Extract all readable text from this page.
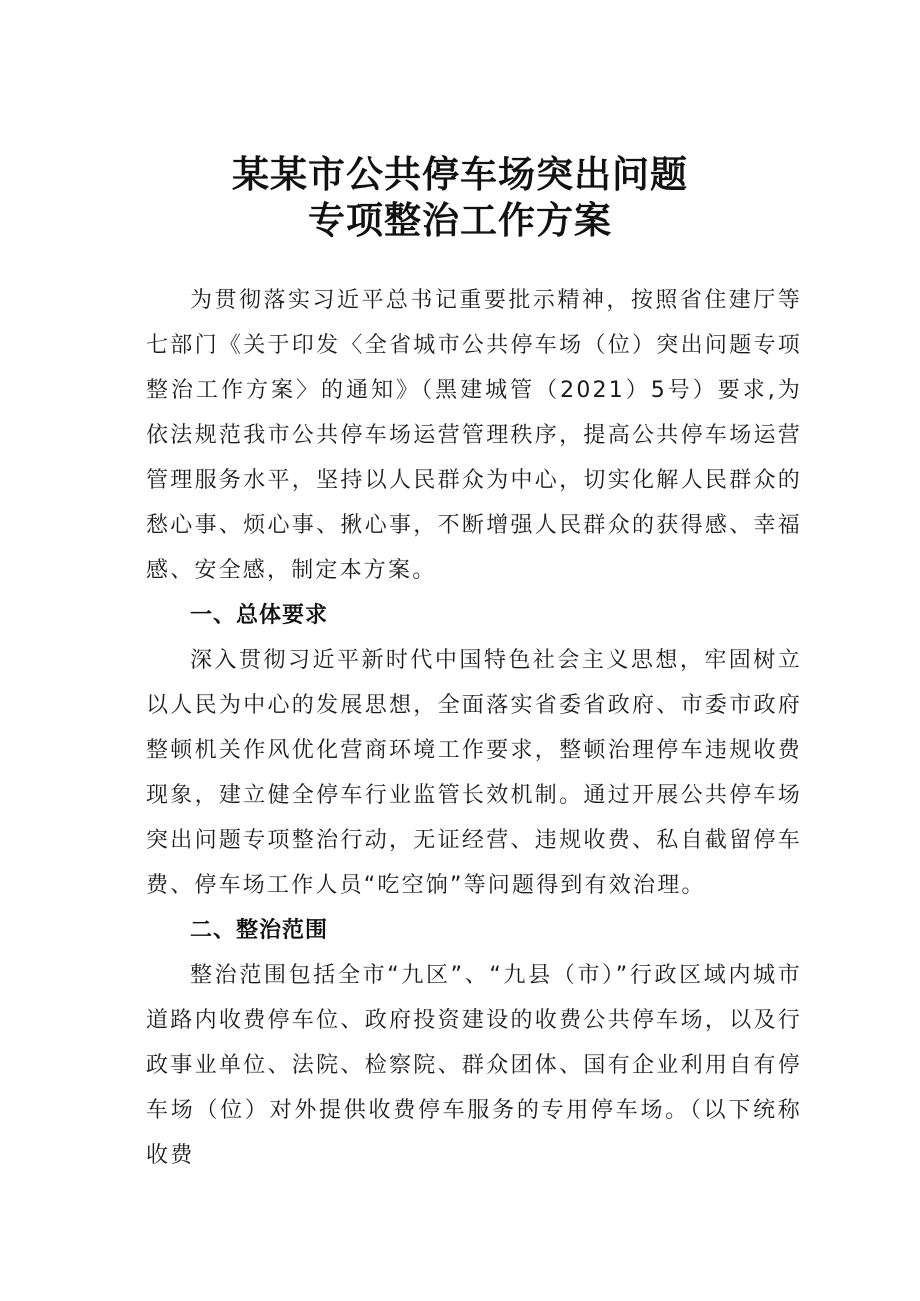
某某市公共停车场突出问题
专项整治工作方案

为贯彻落实习近平总书记重要批示精神，按照省住建厅等七部门《关于印发〈全省城市公共停车场（位）突出问题专项整治工作方案〉的通知》（黑建城管（2021）5号）要求,为依法规范我市公共停车场运营管理秩序，提高公共停车场运营管理服务水平，坚持以人民群众为中心，切实化解人民群众的愁心事、烦心事、揪心事，不断增强人民群众的获得感、幸福感、安全感，制定本方案。

一、总体要求

深入贯彻习近平新时代中国特色社会主义思想，牢固树立以人民为中心的发展思想，全面落实省委省政府、市委市政府整顿机关作风优化营商环境工作要求，整顿治理停车违规收费现象，建立健全停车行业监管长效机制。通过开展公共停车场突出问题专项整治行动，无证经营、违规收费、私自截留停车费、停车场工作人员“吃空饷”等问题得到有效治理。

二、整治范围

整治范围包括全市“九区”、“九县（市）”行政区域内城市道路内收费停车位、政府投资建设的收费公共停车场，以及行政事业单位、法院、检察院、群众团体、国有企业利用自有停车场（位）对外提供收费停车服务的专用停车场。（以下统称收费
